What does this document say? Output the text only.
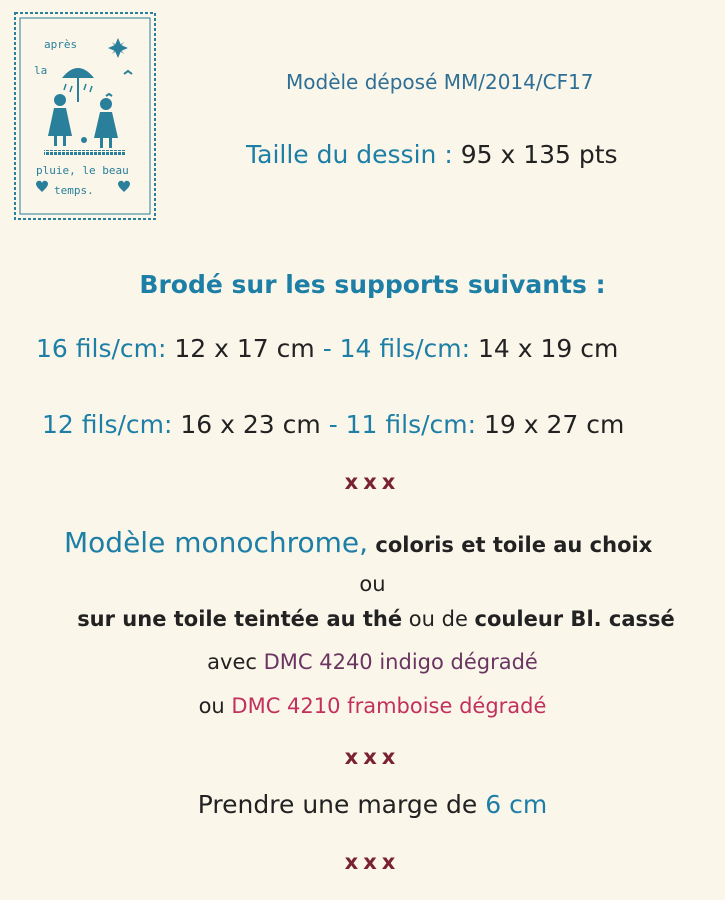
après
la
pluie, le beau
temps.
Modèle déposé MM/2014/CF17
Taille du dessin : 95 x 135 pts
Brodé sur les supports suivants :
16 fils/cm: 12 x 17 cm - 14 fils/cm: 14 x 19 cm
12 fils/cm: 16 x 23 cm - 11 fils/cm: 19 x 27 cm
xxx
Modèle monochrome, coloris et toile au choix
ou
sur une toile teintée au thé ou de couleur Bl. cassé
avec DMC 4240 indigo dégradé
ou DMC 4210 framboise dégradé
xxx
Prendre une marge de 6 cm
xxx
